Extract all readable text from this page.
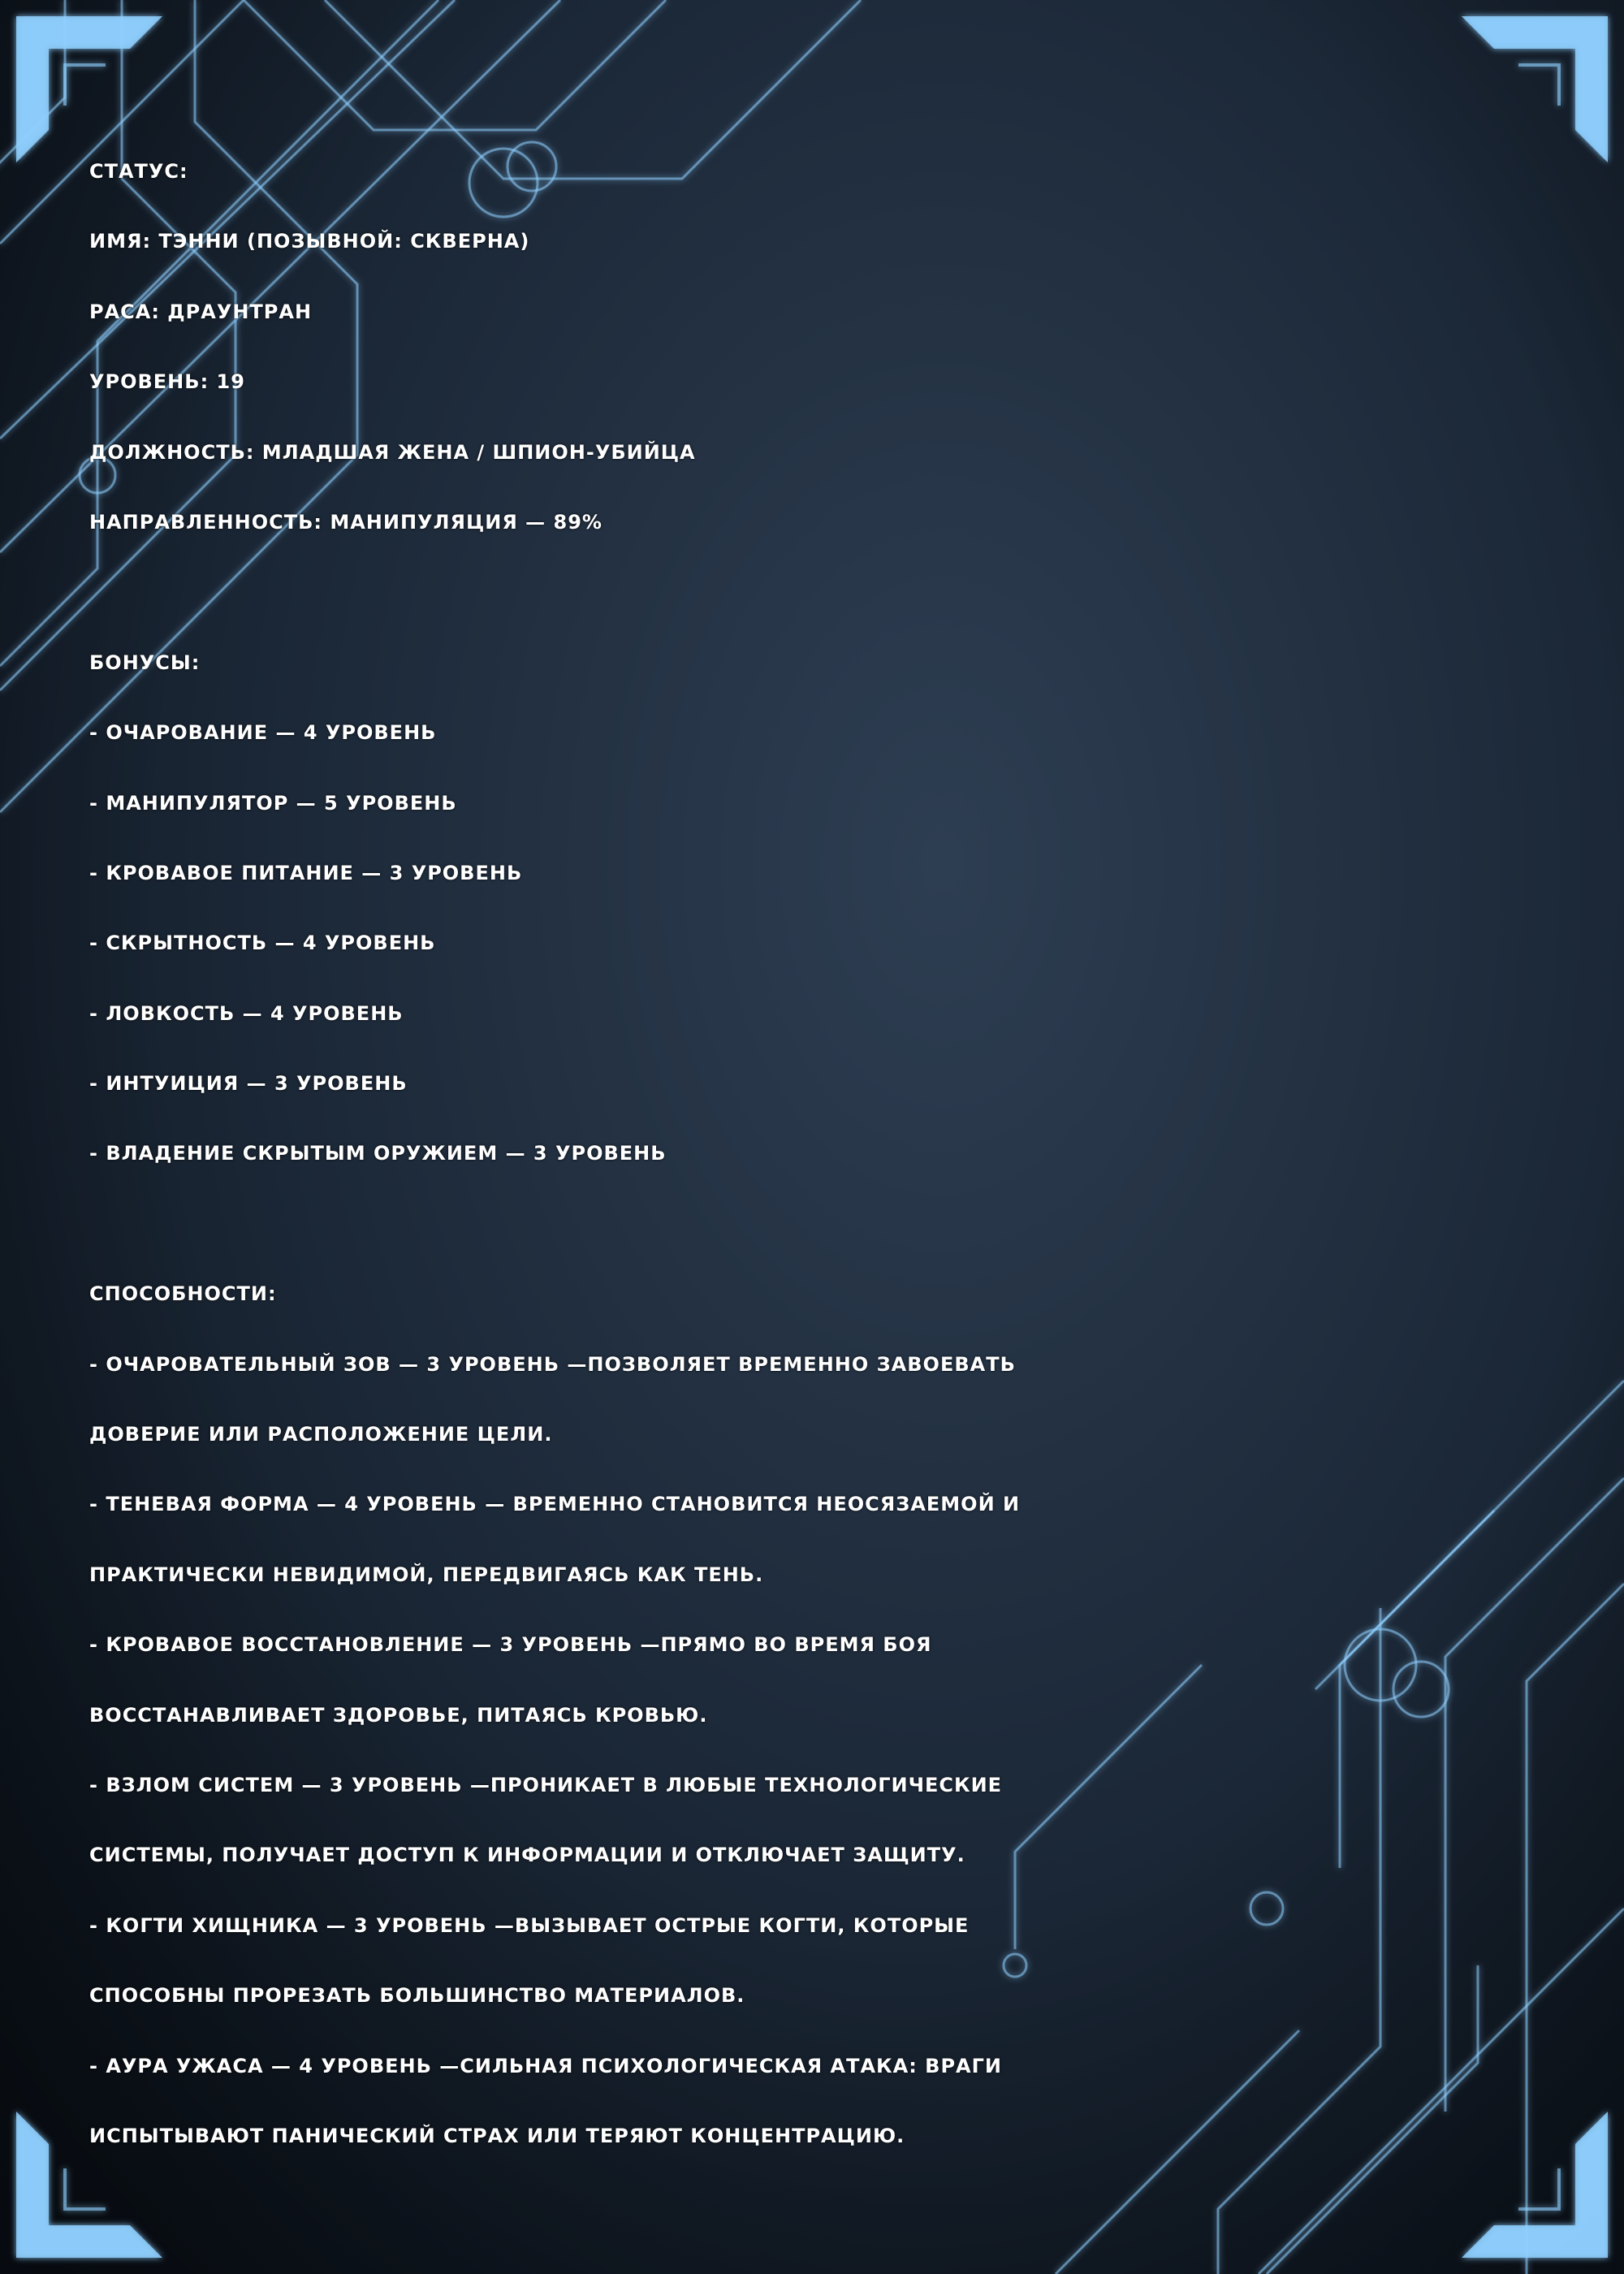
СТАТУС:
ИМЯ: ТЭННИ (ПОЗЫВНОЙ: СКВЕРНА)
РАСА: ДРАУНТРАН
УРОВЕНЬ: 19
ДОЛЖНОСТЬ: МЛАДШАЯ ЖЕНА / ШПИОН-УБИЙЦА
НАПРАВЛЕННОСТЬ: МАНИПУЛЯЦИЯ — 89%
БОНУСЫ:
- ОЧАРОВАНИЕ — 4 УРОВЕНЬ
- МАНИПУЛЯТОР — 5 УРОВЕНЬ
- КРОВАВОЕ ПИТАНИЕ — 3 УРОВЕНЬ
- СКРЫТНОСТЬ — 4 УРОВЕНЬ
- ЛОВКОСТЬ — 4 УРОВЕНЬ
- ИНТУИЦИЯ — 3 УРОВЕНЬ
- ВЛАДЕНИЕ СКРЫТЫМ ОРУЖИЕМ — 3 УРОВЕНЬ
СПОСОБНОСТИ:
- ОЧАРОВАТЕЛЬНЫЙ ЗОВ — 3 УРОВЕНЬ —ПОЗВОЛЯЕТ ВРЕМЕННО ЗАВОЕВАТЬ
ДОВЕРИЕ ИЛИ РАСПОЛОЖЕНИЕ ЦЕЛИ.
- ТЕНЕВАЯ ФОРМА — 4 УРОВЕНЬ — ВРЕМЕННО СТАНОВИТСЯ НЕОСЯЗАЕМОЙ И
ПРАКТИЧЕСКИ НЕВИДИМОЙ, ПЕРЕДВИГАЯСЬ КАК ТЕНЬ.
- КРОВАВОЕ ВОССТАНОВЛЕНИЕ — 3 УРОВЕНЬ —ПРЯМО ВО ВРЕМЯ БОЯ
ВОССТАНАВЛИВАЕТ ЗДОРОВЬЕ, ПИТАЯСЬ КРОВЬЮ.
- ВЗЛОМ СИСТЕМ — 3 УРОВЕНЬ —ПРОНИКАЕТ В ЛЮБЫЕ ТЕХНОЛОГИЧЕСКИЕ
СИСТЕМЫ, ПОЛУЧАЕТ ДОСТУП К ИНФОРМАЦИИ И ОТКЛЮЧАЕТ ЗАЩИТУ.
- КОГТИ ХИЩНИКА — 3 УРОВЕНЬ —ВЫЗЫВАЕТ ОСТРЫЕ КОГТИ, КОТОРЫЕ
СПОСОБНЫ ПРОРЕЗАТЬ БОЛЬШИНСТВО МАТЕРИАЛОВ.
- АУРА УЖАСА — 4 УРОВЕНЬ —СИЛЬНАЯ ПСИХОЛОГИЧЕСКАЯ АТАКА: ВРАГИ
ИСПЫТЫВАЮТ ПАНИЧЕСКИЙ СТРАХ ИЛИ ТЕРЯЮТ КОНЦЕНТРАЦИЮ.
